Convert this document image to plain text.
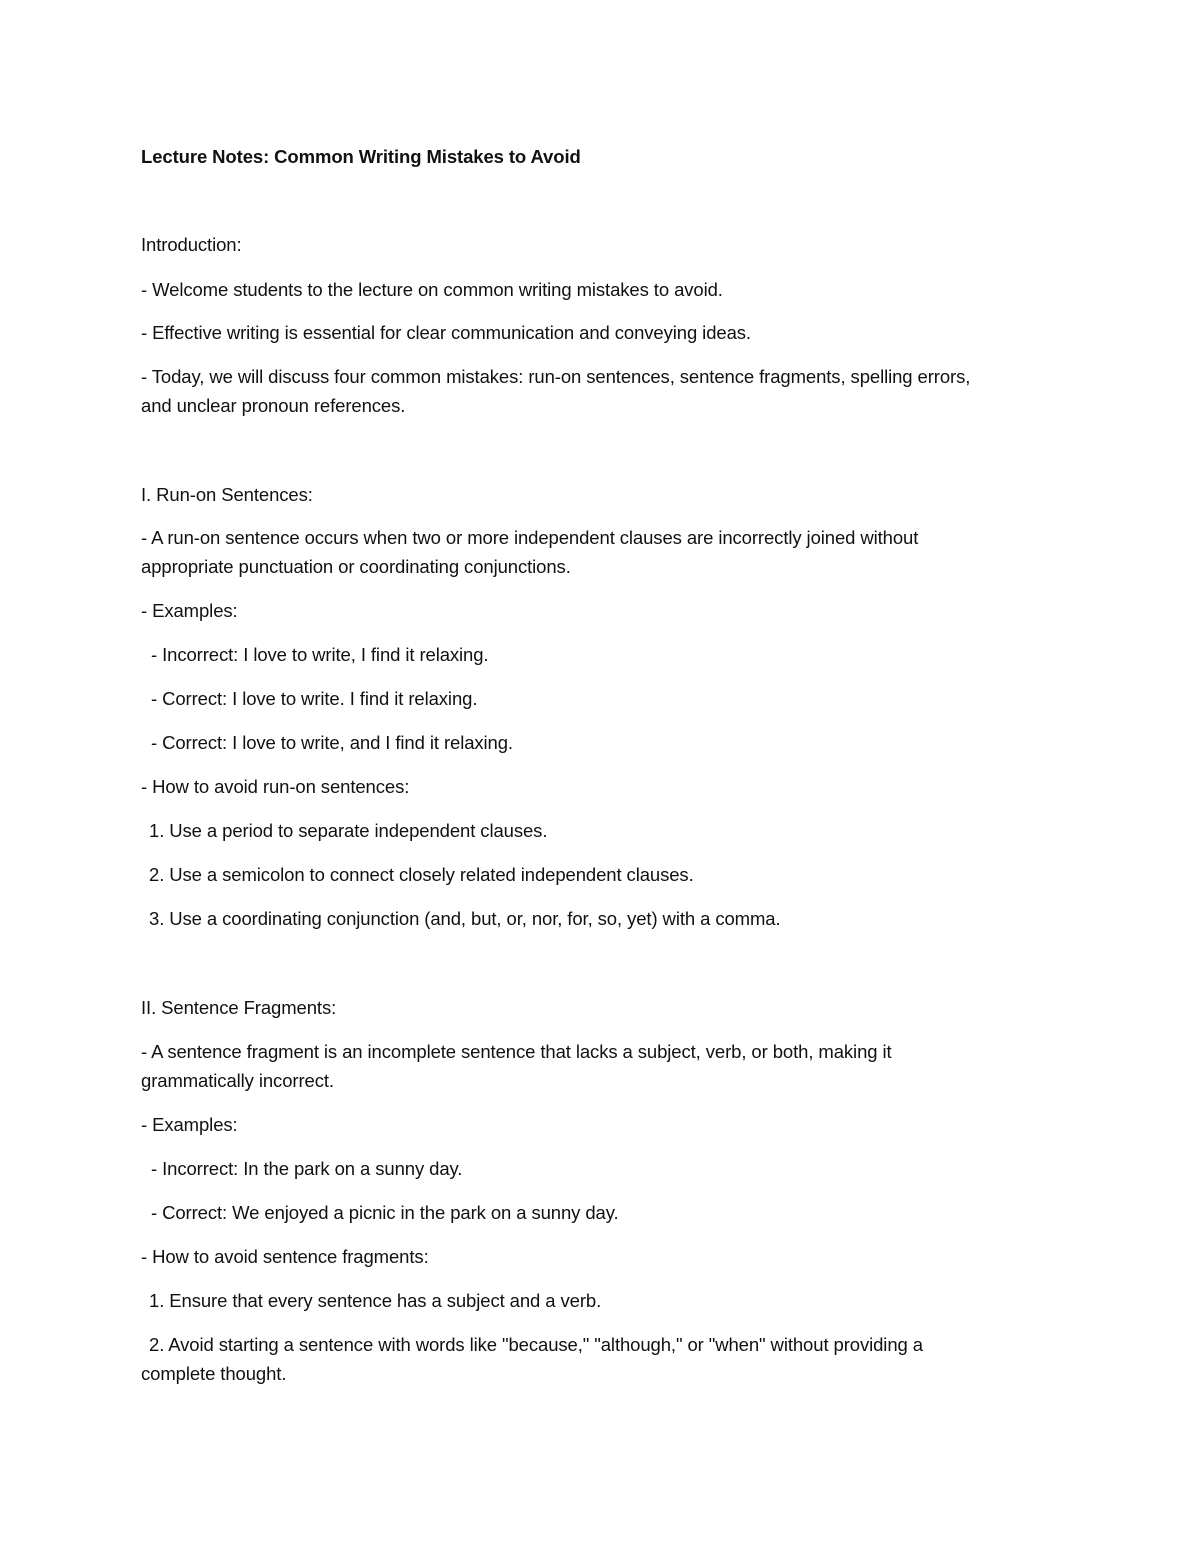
Lecture Notes: Common Writing Mistakes to Avoid
Introduction:
- Welcome students to the lecture on common writing mistakes to avoid.
- Effective writing is essential for clear communication and conveying ideas.
- Today, we will discuss four common mistakes: run-on sentences, sentence fragments, spelling errors,
and unclear pronoun references.
I. Run-on Sentences:
- A run-on sentence occurs when two or more independent clauses are incorrectly joined without
appropriate punctuation or coordinating conjunctions.
- Examples:
- Incorrect: I love to write, I find it relaxing.
- Correct: I love to write. I find it relaxing.
- Correct: I love to write, and I find it relaxing.
- How to avoid run-on sentences:
1. Use a period to separate independent clauses.
2. Use a semicolon to connect closely related independent clauses.
3. Use a coordinating conjunction (and, but, or, nor, for, so, yet) with a comma.
II. Sentence Fragments:
- A sentence fragment is an incomplete sentence that lacks a subject, verb, or both, making it
grammatically incorrect.
- Examples:
- Incorrect: In the park on a sunny day.
- Correct: We enjoyed a picnic in the park on a sunny day.
- How to avoid sentence fragments:
1. Ensure that every sentence has a subject and a verb.
2. Avoid starting a sentence with words like "because," "although," or "when" without providing a
complete thought.
